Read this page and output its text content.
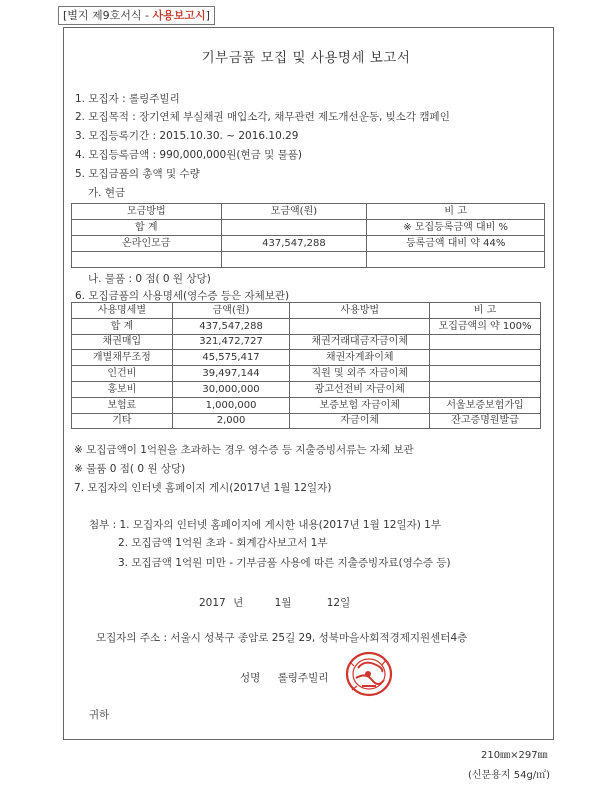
[별지 제9호서식 - 사용보고시]
기부금품 모집 및 사용명세 보고서
1. 모집자 : 롤링주빌리
2. 모집목적 : 장기연체 부실채권 매입소각, 채무관련 제도개선운동, 빚소각 캠페인
3. 모집등록기간 : 2015.10.30. ~ 2016.10.29
4. 모집등록금액 : 990,000,000원(현금 및 물품)
5. 모집금품의 총액 및 수량
가. 현금
모금방법	모금액(원)	비 고
합 계		※ 모집등록금액 대비 %
온라인모금	437,547,288	등록금액 대비 약 44%

나. 물품 : 0 점( 0 원 상당)
6. 모집금품의 사용명세(영수증 등은 자체보관)
사용명세별	금액(원)	사용방법	비 고
합 계	437,547,288		모집금액의 약 100%
채권매입	321,472,727	채권거래대금자금이체	
개별채무조정	45,575,417	채권자계좌이체	
인건비	39,497,144	직원 및 외주 자금이체	
홍보비	30,000,000	광고선전비 자금이체	
보험료	1,000,000	보증보험 자금이체	서울보증보험가입
기타	2,000	자금이체	잔고증명원발급
※ 모집금액이 1억원을 초과하는 경우 영수증 등 지출증빙서류는 자체 보관
※ 물품 0 점( 0 원 상당)
7. 모집자의 인터넷 홈페이지 게시(2017년 1월 12일자)
첨부 : 1. 모집자의 인터넷 홈페이지에 게시한 내용(2017년 1월 12일자) 1부
2. 모집금액 1억원 초과 - 회계감사보고서 1부
3. 모집금액 1억원 미만 - 기부금품 사용에 따른 지출증빙자료(영수증 등)
2017 년	1월	12일
모집자의 주소 : 서울시 성북구 종암로 25길 29, 성북마을사회적경제지원센터4층
성명 롤링주빌리
귀하
210㎜×297㎜
(신문용지 54g/㎡)
